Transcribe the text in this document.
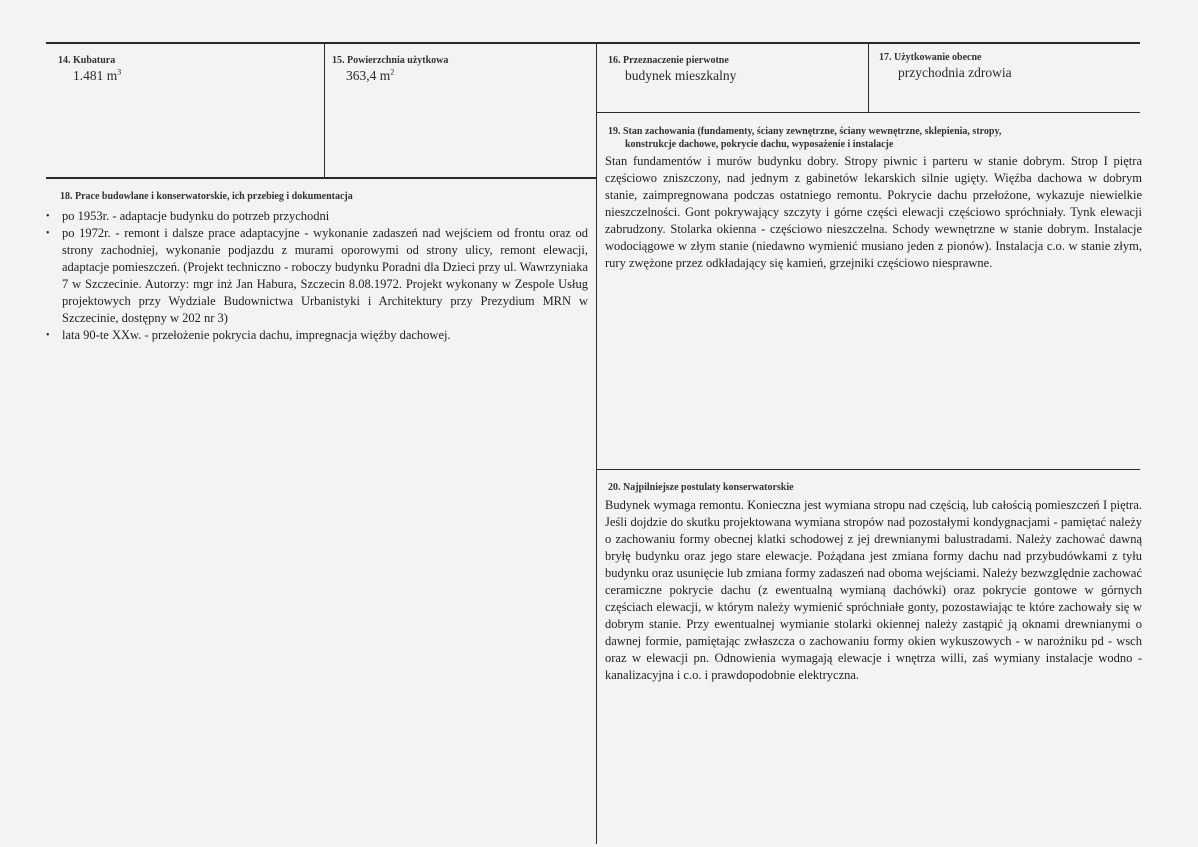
14. Kubatura
1.481 $m^3$
15. Powierzchnia użytkowa
363,4 $m^2$
16. Przeznaczenie pierwotne
budynek mieszkalny
17. Użytkowanie obecne
przychodnia zdrowia
19. Stan zachowania (fundamenty, ściany zewnętrzne, ściany wewnętrzne, sklepienia, stropy,
konstrukcje dachowe, pokrycie dachu, wyposażenie i instalacje
Stan fundamentów i murów budynku dobry. Stropy piwnic i parteru w stanie dobrym. Strop I piętra częściowo zniszczony, nad jednym z gabinetów lekarskich silnie ugięty. Więźba dachowa w dobrym stanie, zaimpregnowana podczas ostatniego remontu. Pokrycie dachu przełożone, wykazuje niewielkie nieszczelności. Gont pokrywający szczyty i górne części elewacji częściowo spróchniały. Tynk elewacji zabrudzony. Stolarka okienna - częściowo nieszczelna. Schody wewnętrzne w stanie dobrym. Instalacje wodociągowe w złym stanie (niedawno wymienić musiano jeden z pionów). Instalacja c.o. w stanie złym, rury zwężone przez odkładający się kamień, grzejniki częściowo niesprawne.
18. Prace budowlane i konserwatorskie, ich przebieg i dokumentacja
• po 1953r. - adaptacje budynku do potrzeb przychodni
• po 1972r. - remont i dalsze prace adaptacyjne - wykonanie zadaszeń nad wejściem od frontu oraz od strony zachodniej, wykonanie podjazdu z murami oporowymi od strony ulicy, remont elewacji, adaptacje pomieszczeń. (Projekt techniczno - roboczy budynku Poradni dla Dzieci przy ul. Wawrzyniaka 7 w Szczecinie. Autorzy: mgr inż Jan Habura, Szczecin 8.08.1972. Projekt wykonany w Zespole Usług projektowych przy Wydziale Budownictwa Urbanistyki i Architektury przy Prezydium MRN w Szczecinie, dostępny w 202 nr 3)
• lata 90-te XXw. - przełożenie pokrycia dachu, impregnacja więźby dachowej.
20. Najpilniejsze postulaty konserwatorskie
Budynek wymaga remontu. Konieczna jest wymiana stropu nad częścią, lub całością pomieszczeń I piętra. Jeśli dojdzie do skutku projektowana wymiana stropów nad pozostałymi kondygnacjami - pamiętać należy o zachowaniu formy obecnej klatki schodowej z jej drewnianymi balustradami. Należy zachować dawną bryłę budynku oraz jego stare elewacje. Pożądana jest zmiana formy dachu nad przybudówkami z tyłu budynku oraz usunięcie lub zmiana formy zadaszeń nad oboma wejściami. Należy bezwzględnie zachować ceramiczne pokrycie dachu (z ewentualną wymianą dachówki) oraz pokrycie gontowe w górnych częściach elewacji, w którym należy wymienić spróchniałe gonty, pozostawiając te które zachowały się w dobrym stanie. Przy ewentualnej wymianie stolarki okiennej należy zastąpić ją oknami drewnianymi o dawnej formie, pamiętając zwłaszcza o zachowaniu formy okien wykuszowych - w narożniku pd - wsch oraz w elewacji pn. Odnowienia wymagają elewacje i wnętrza willi, zaś wymiany instalacje wodno - kanalizacyjna i c.o. i prawdopodobnie elektryczna.
